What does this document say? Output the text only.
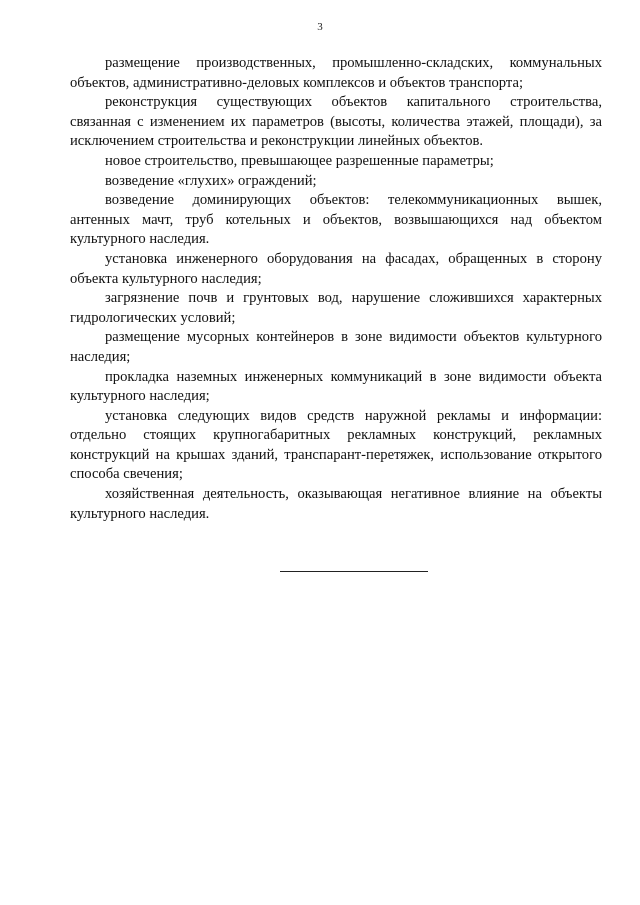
3

размещение производственных, промышленно-складских, коммунальных объектов, административно-деловых комплексов и объектов транспорта;

реконструкция существующих объектов капитального строительства, связанная с изменением их параметров (высоты, количества этажей, площади), за исключением строительства и реконструкции линейных объектов.

новое строительство, превышающее разрешенные параметры;

возведение «глухих» ограждений;

возведение доминирующих объектов: телекоммуникационных вышек, антенных мачт, труб котельных и объектов, возвышающихся над объектом культурного наследия.

установка инженерного оборудования на фасадах, обращенных в сторону объекта культурного наследия;

загрязнение почв и грунтовых вод, нарушение сложившихся характерных гидрологических условий;

размещение мусорных контейнеров в зоне видимости объектов культурного наследия;

прокладка наземных инженерных коммуникаций в зоне видимости объекта культурного наследия;

установка следующих видов средств наружной рекламы и информации: отдельно стоящих крупногабаритных рекламных конструкций, рекламных конструкций на крышах зданий, транспарант-перетяжек, использование открытого способа свечения;

хозяйственная деятельность, оказывающая негативное влияние на объекты культурного наследия.
